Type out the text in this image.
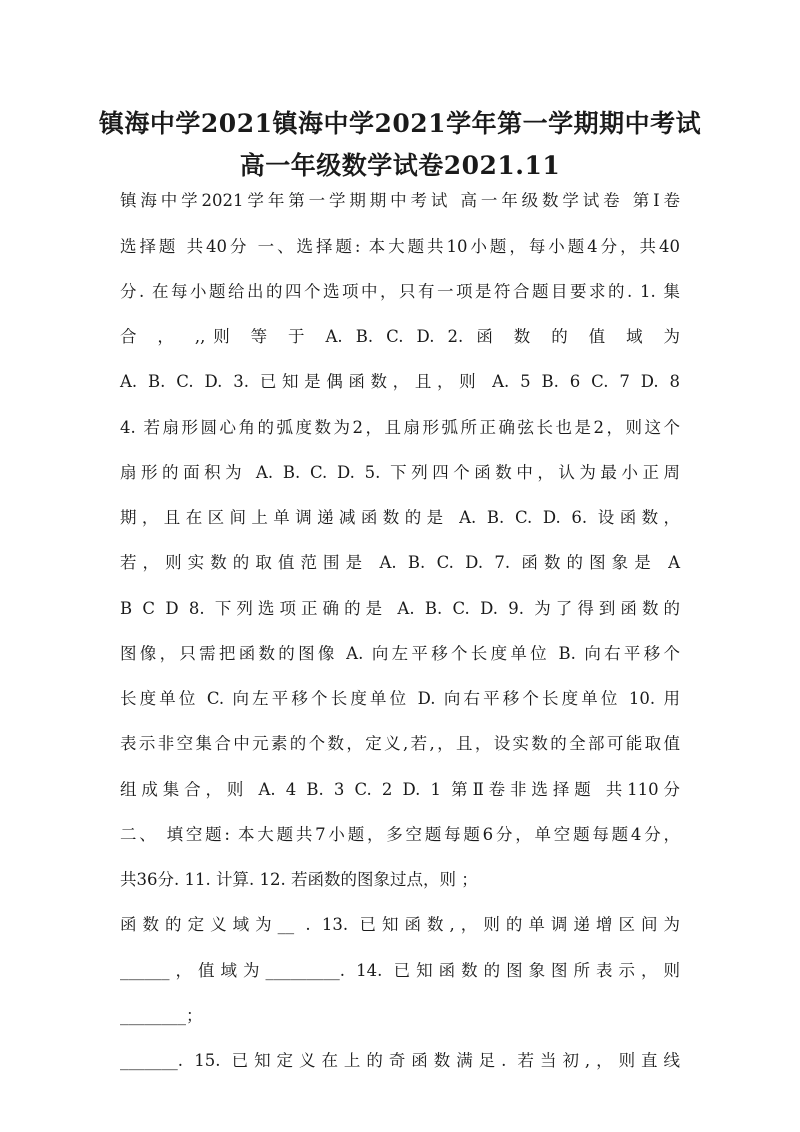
镇海中学2021镇海中学2021学年第一学期期中考试
高一年级数学试卷2021.11
镇海中学2021学年第一学期期中考试 高一年级数学试卷 第Ⅰ卷
选择题 共40分 一、选择题: 本大题共10小题，每小题4分，共40
分. 在每小题给出的四个选项中，只有一项是符合题目要求的. 1. 集
合 ， ,,则 等 于 A. B. C. D. 2. 函 数 的 值 域 为
A. B. C. D. 3. 已知是偶函数，且，则 A. 5 B. 6 C. 7 D. 8
4. 若扇形圆心角的弧度数为2，且扇形弧所正确弦长也是2，则这个
扇形的面积为 A. B. C. D. 5. 下列四个函数中，认为最小正周
期，且在区间上单调递减函数的是 A. B. C. D. 6. 设函数，
若，则实数的取值范围是 A. B. C. D. 7. 函数的图象是 A
B C D 8. 下列选项正确的是 A. B. C. D. 9. 为了得到函数的
图像，只需把函数的图像 A. 向左平移个长度单位 B. 向右平移个
长度单位 C. 向左平移个长度单位 D. 向右平移个长度单位 10. 用
表示非空集合中元素的个数，定义,若,，且，设实数的全部可能取值
组成集合，则 A. 4 B. 3 C. 2 D. 1 第Ⅱ卷非选择题 共110分
二、 填空题: 本大题共7小题，多空题每题6分，单空题每题4分，
共36分. 11. 计算. 12. 若函数的图象过点，则 ；
函数的定义域为__ . 13. 已知函数,，则的单调递增区间为
______，值域为_________. 14. 已知函数的图象图所表示，则
________；
_______. 15. 已知定义在上的奇函数满足. 若当初,，则直线
